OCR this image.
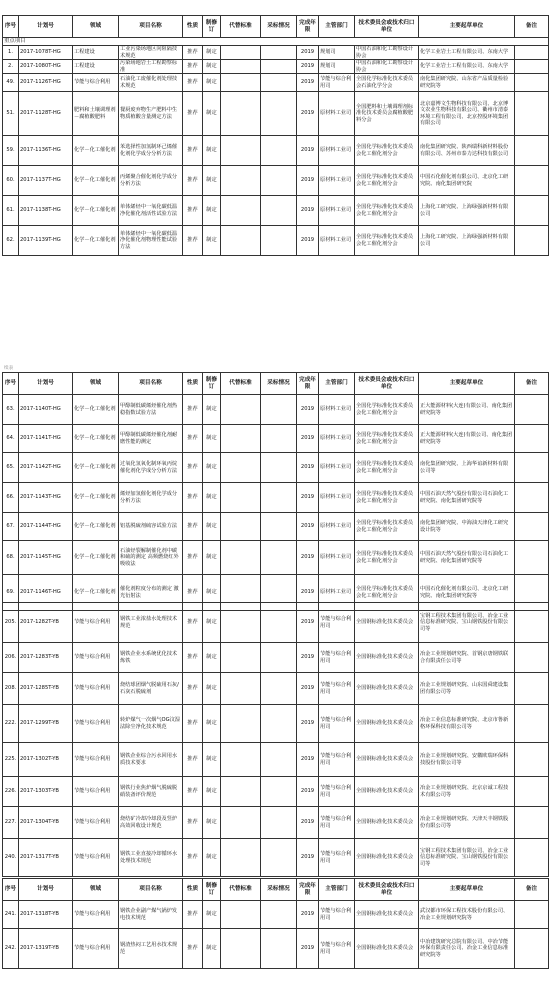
序号	计划号	领域	项目名称	性质	制修订	代替标准	采标情况	完成年限	主管部门	技术委员会或技术归口单位	主要起草单位	备注
重点项目												
1.	2017-1078T-HG	工程建设	工业污染场地区向阻隔技术规范	推荐	制定			2019	规划司	中国石油和化工勘察设计协会	化学工业岩土工程有限公司、东南大学	
2.	2017-1080T-HG	工程建设	污染场地岩土工程勘察标准	推荐	制定			2019	规划司	中国石油和化工勘察设计协会	化学工业岩土工程有限公司、东南大学	
49.	2017-1126T-HG	节能与综合利用	石油化工废催化剂处理技术规范	推荐	制定			2019	节能与综合利用司	全国化学标准化技术委员会石油化学分会	南化集团研究院、山东省产品质量检验研究院等	
51.	2017-1128T-HG	肥料和土壤调理剂－腐植酸肥料	餐厨废弃物生产肥料中生物质植酸含量测定方法	推荐	制定			2019	原材料工业司	全国肥料和土壤调理剂标准化技术委员会腐植酸肥料分会	北京嘉博文生物科技有限公司、北京博文农业生物科技有限公司、衢州市清泰环境工程有限公司、北京控股环境集团有限公司	
59.	2017-1136T-HG	化学－化工催化剂	苯选择性加氢制环己烯催化剂化学成分分析方法	推荐	制定			2019	原材料工业司	全国化学标准化技术委员会化工催化剂分会	南化集团研究院、陕西瑞科新材料股份有限公司、苏州市泰力达科技有限公司	
60.	2017-1137T-HG	化学－化工催化剂	丙烯聚合催化剂化学成分分析方法	推荐	制定			2019	原材料工业司	全国化学标准化技术委员会化工催化剂分会	中国石化催化剂有限公司、北京化工研究院、南化集团研究院	
61.	2017-1138T-HG	化学－化工催化剂	单体烯烃中一氧化碳低温净化催化剂活性试验方法	推荐	制定			2019	原材料工业司	全国化学标准化技术委员会化工催化剂分会	上海化工研究院、上海绿强新材料有限公司	
62.	2017-1139T-HG	化学－化工催化剂	单体烯烃中一氧化碳低温净化催化剂物理性能试验方法	推荐	制定			2019	原材料工业司	全国化学标准化技术委员会化工催化剂分会	上海化工研究院、上海绿强新材料有限公司	
续表
序号	计划号	领域	项目名称	性质	制修订	代替标准	采标情况	完成年限	主管部门	技术委员会或技术归口单位	主要起草单位	备注
63.	2017-1140T-HG	化学－化工催化剂	甲醇制低碳烯烃催化剂热稳指数试验方法	推荐	制定			2019	原材料工业司	全国化学标准化技术委员会化工催化剂分会	正大能源材料(大连)有限公司、南化集团研究院等	
64.	2017-1141T-HG	化学－化工催化剂	甲醇制低碳烯烃催化剂耐磨性能的测定	推荐	制定			2019	原材料工业司	全国化学标准化技术委员会化工催化剂分会	正大能源材料(大连)有限公司、南化集团研究院等	
65.	2017-1142T-HG	化学－化工催化剂	过氧化氢氧化制环氧丙烷催化剂化学成分分析方法	推荐	制定			2019	原材料工业司	全国化学标准化技术委员会化工催化剂分会	南化集团研究院、上海华谊新材料有限公司等	
66.	2017-1143T-HG	化学－化工催化剂	烯烃加氢催化剂化学成分分析方法	推荐	制定			2019	原材料工业司	全国化学标准化技术委员会化工催化剂分会	中国石油天然气股份有限公司石油化工研究院、南化集团研究院等	
67.	2017-1144T-HG	化学－化工催化剂	铝基脱硫剂硫容试验方法	推荐	制定			2019	原材料工业司	全国化学标准化技术委员会化工催化剂分会	南化集团研究院、中海油天津化工研究设计院等	
68.	2017-1145T-HG	化学－化工催化剂	石油烃裂解制催化剂中碳和硫的测定 高频燃烧红外吸收法	推荐	制定			2019	原材料工业司	全国化学标准化技术委员会化工催化剂分会	中国石油天然气股份有限公司石油化工研究院、南化集团研究院等	
69.	2017-1146T-HG	化学－化工催化剂	催化剂粒度分布的测定 激光衍射法	推荐	制定			2019	原材料工业司	全国化学标准化技术委员会化工催化剂分会	中国石化催化剂有限公司、北京化工研究院、南化集团研究院等	
205.	2017-1282T-YB	节能与综合利用	钢铁工业浓盐水处理技术规范	推荐	制定			2019	节能与综合利用司	全国钢标准化技术委员会	宝钢工程技术集团有限公司、冶金工业信息标准研究院、宝山钢铁股份有限公司等	
206.	2017-1283T-YB	节能与综合利用	钢铁企业水系统优化技术 炼铁	推荐	制定			2019	节能与综合利用司	全国钢标准化技术委员会	冶金工业规划研究院、首钢京唐钢铁联合有限责任公司等	
208.	2017-1285T-YB	节能与综合利用	烧结球团烟气脱硫用石灰/石灰石脱硫剂	推荐	制定			2019	节能与综合利用司	全国钢标准化技术委员会	冶金工业规划研究院、山东国舜建设集团有限公司等	
222.	2017-1299T-YB	节能与综合利用	转炉煤气一次烟气OG汶湿法除尘净化技术规范	推荐	制定			2019	节能与综合利用司	全国钢标准化技术委员会	冶金工业信息标准研究院、北京市鲁新格环保科技有限公司等	
225.	2017-1302T-YB	节能与综合利用	钢铁企业综合污水回用水质技术要求	推荐	制定			2019	节能与综合利用司	全国钢标准化技术委员会	冶金工业规划研究院、安徽欧瑞环保科技股份有限公司等	
226.	2017-1303T-YB	节能与综合利用	钢铁行业焦炉烟气脱硫脱硝装备评价规范	推荐	制定			2019	节能与综合利用司	全国钢标准化技术委员会	冶金工业规划研究院、北京京诚工程技术有限公司等	
227.	2017-1304T-YB	节能与综合利用	烧结矿冷却冷却段及竖炉高效回收设计规范	推荐	制定			2019	节能与综合利用司	全国钢标准化技术委员会	冶金工业规划研究院、天津天丰钢铁股份有限公司等	
240.	2017-1317T-YB	节能与综合利用	钢铁工业直接冷却循环水处理技术规范	推荐	制定			2019	节能与综合利用司	全国钢标准化技术委员会	宝钢工程技术集团有限公司、冶金工业信息标准研究院、宝山钢铁股份有限公司等	
序号	计划号	领域	项目名称	性质	制修订	代替标准	采标情况	完成年限	主管部门	技术委员会或技术归口单位	主要起草单位	备注
241.	2017-1318T-YB	节能与综合利用	钢铁企业副产煤气锅炉发电技术规范	推荐	制定			2019	节能与综合利用司	全国钢标准化技术委员会	武汉都市环保工程技术股份有限公司、冶金工业规划研究院等	
242.	2017-1319T-YB	节能与综合利用	钢渣热闷工艺用水技术规范	推荐	制定			2019	节能与综合利用司	全国钢标准化技术委员会	中冶建筑研究总院有限公司、中冶节能环保有限责任公司、冶金工业信息标准研究院等	
